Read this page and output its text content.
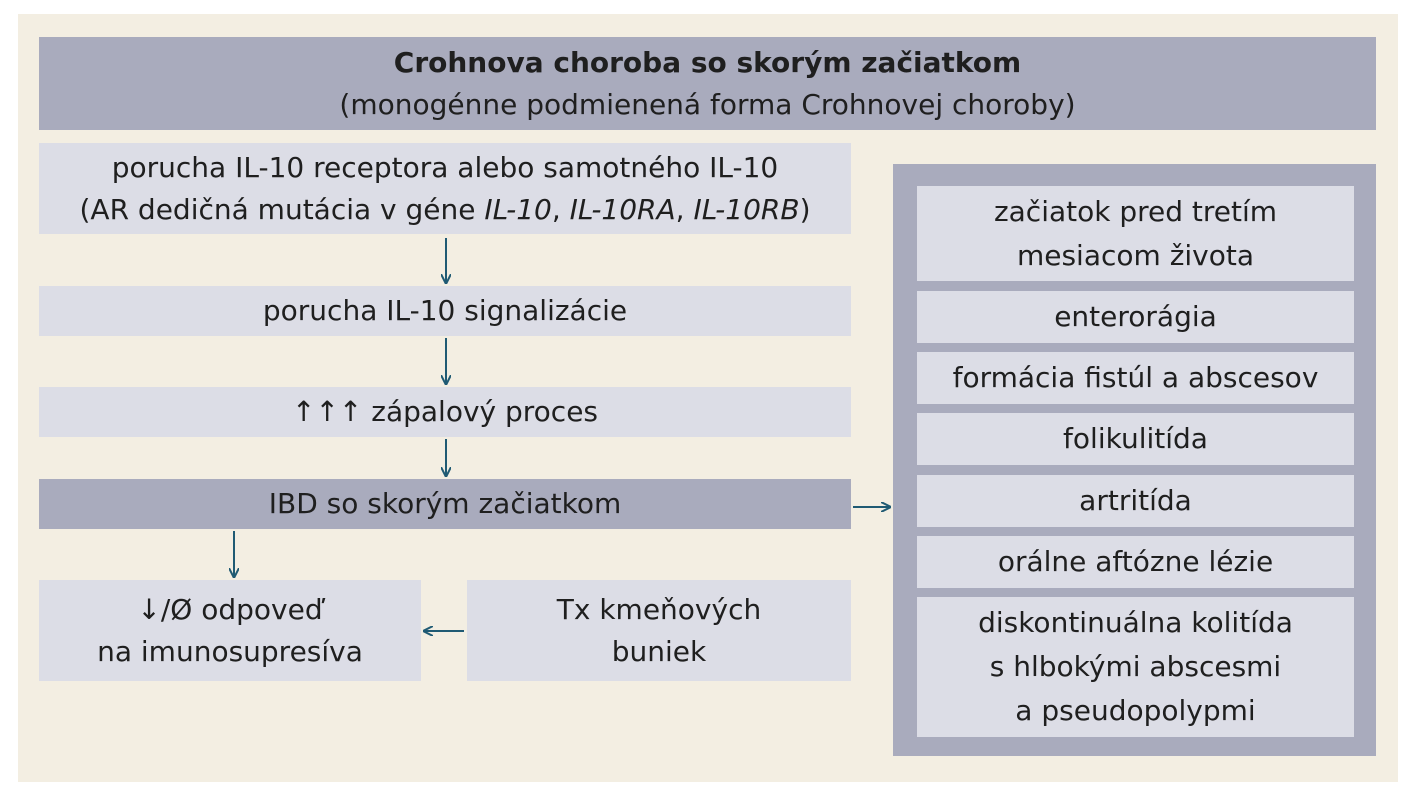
Crohnova choroba so skorým začiatkom
(monogénne podmienená forma Crohnovej choroby)
porucha IL-10 receptora alebo samotného IL-10
(AR dedičná mutácia v géne IL-10, IL-10RA, IL-10RB)
porucha IL-10 signalizácie
↑↑↑ zápalový proces
IBD so skorým začiatkom
↓/Ø odpoveď
na imunosupresíva
Tx kmeňových
buniek
začiatok pred tretím
mesiacom života
enterorágia
formácia fistúl a abscesov
folikulitída
artritída
orálne aftózne lézie
diskontinuálna kolitída
s hlbokými abscesmi
a pseudopolypmi
